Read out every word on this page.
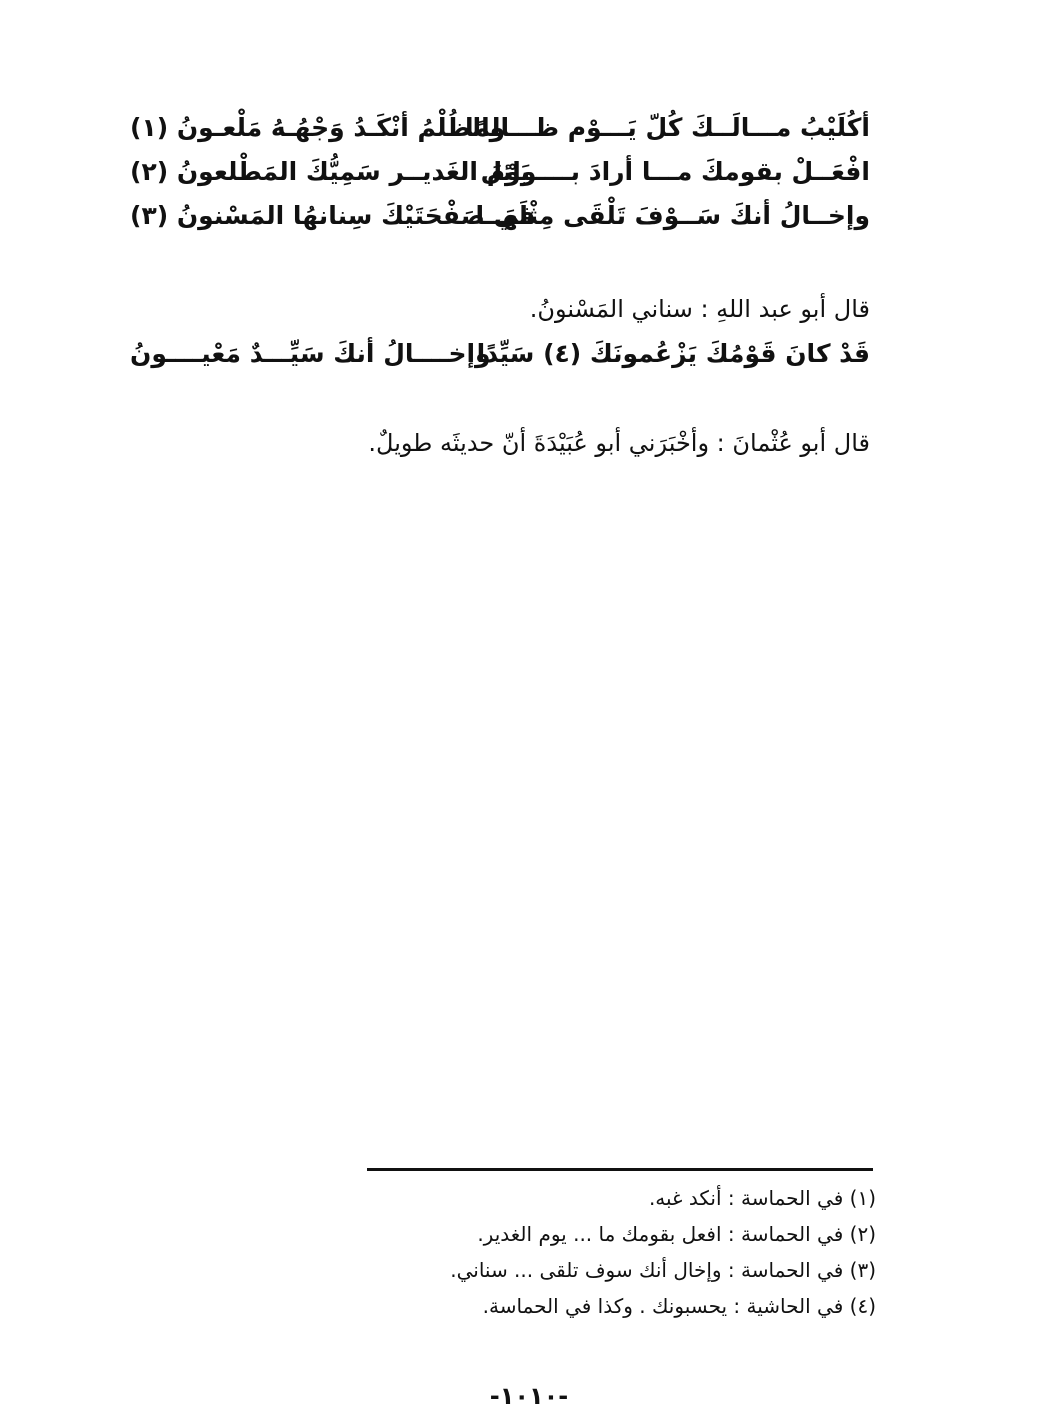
أكُلَيْبُ مـــالَــكَ كُلّ يَـــوْم ظـــالِمًا
والظُلْمُ أنْكَـدُ وَجْهُـهُ مَلْعـونُ (١)
افْعَــلْ بقومكَ مـــا أرادَ بــــوائل
يَوْمَ الغَديــر سَمِيُّكَ المَطْلعونُ (٢)
وإخــالُ أنكَ سَــوْفَ تَلْقَى مِثْلَهَــا
في صَفْحَتَيْكَ سِنانهُا المَسْنونُ (٣)
قال أبو عبد اللهِ : سناني المَسْنونُ.
قَدْ كانَ قَوْمُكَ يَزْعُمونَكَ (٤) سَيِّدًا
وإخــــالُ أنكَ سَيِّـــدٌ مَعْيــــونُ
قال أبو عُثْمانَ : وأخْبَرَني أبو عُبَيْدَةَ أنّ حديثَه طويلٌ.
(١) في الحماسة : أنكد غبه.
(٢) في الحماسة : افعل بقومك ما ... يوم الغدير.
(٣) في الحماسة : وإخال أنك سوف تلقى ... سناني.
(٤) في الحاشية : يحسبونك . وكذا في الحماسة.
-١٠١٠-
